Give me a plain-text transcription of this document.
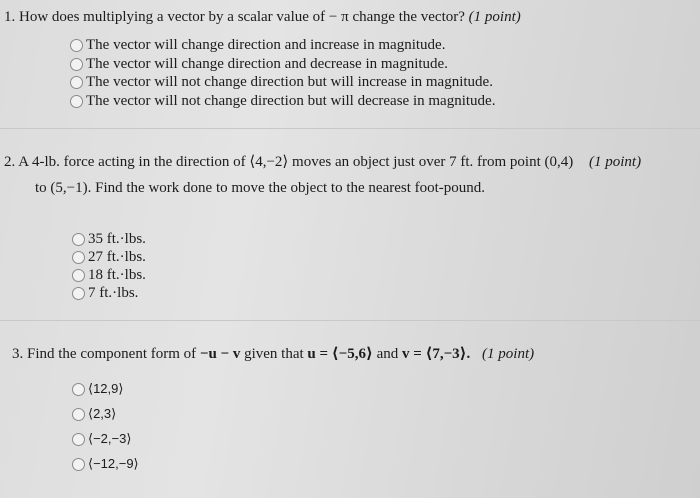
1. How does multiplying a vector by a scalar value of − π change the vector? (1 point)
The vector will change direction and increase in magnitude.
The vector will change direction and decrease in magnitude.
The vector will not change direction but will increase in magnitude.
The vector will not change direction but will decrease in magnitude.
2. A 4-lb. force acting in the direction of ⟨4,−2⟩ moves an object just over 7 ft. from point (0,4) (1 point)
to (5,−1). Find the work done to move the object to the nearest foot-pound.
35 ft.·lbs.
27 ft.·lbs.
18 ft.·lbs.
7 ft.·lbs.
3. Find the component form of −u − v given that u = ⟨−5,6⟩ and v = ⟨7,−3⟩. (1 point)
⟨12,9⟩
⟨2,3⟩
⟨−2,−3⟩
⟨−12,−9⟩
